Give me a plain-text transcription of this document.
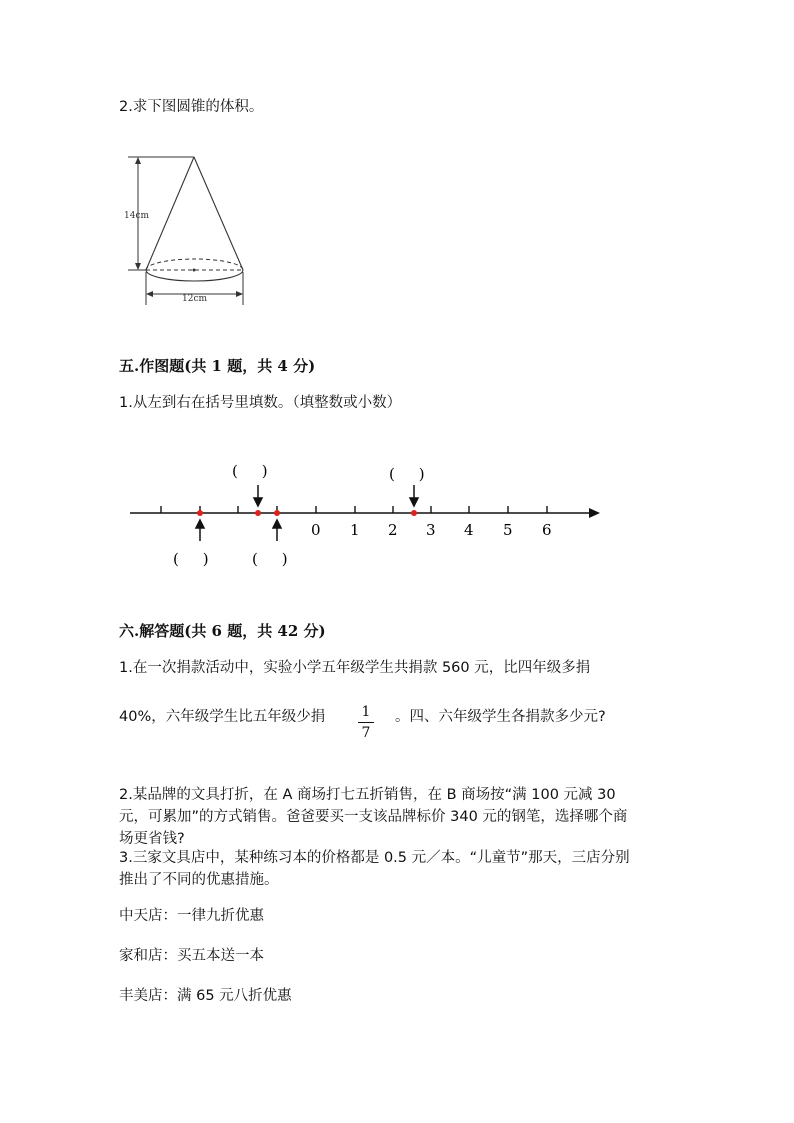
2.求下图圆锥的体积。
14cm
12cm
五.作图题(共 1 题，共 4 分)
1.从左到右在括号里填数。（填整数或小数）
0 1 2 3 4 5 6
(     )	(     )
(     )	(     )
六.解答题(共 6 题，共 42 分)
1.在一次捐款活动中，实验小学五年级学生共捐款 560 元，比四年级多捐
40%，六年级学生比五年级少捐	1
7
。四、六年级学生各捐款多少元?
2.某品牌的文具打折，在 A 商场打七五折销售，在 B 商场按“满 100 元减 30 元，可累加”的方式销售。爸爸要买一支该品牌标价 340 元的钢笔，选择哪个商场更省钱?
3.三家文具店中，某种练习本的价格都是 0.5 元／本。“儿童节”那天，三店分别推出了不同的优惠措施。
中天店：一律九折优惠
家和店：买五本送一本
丰美店：满 65 元八折优惠
